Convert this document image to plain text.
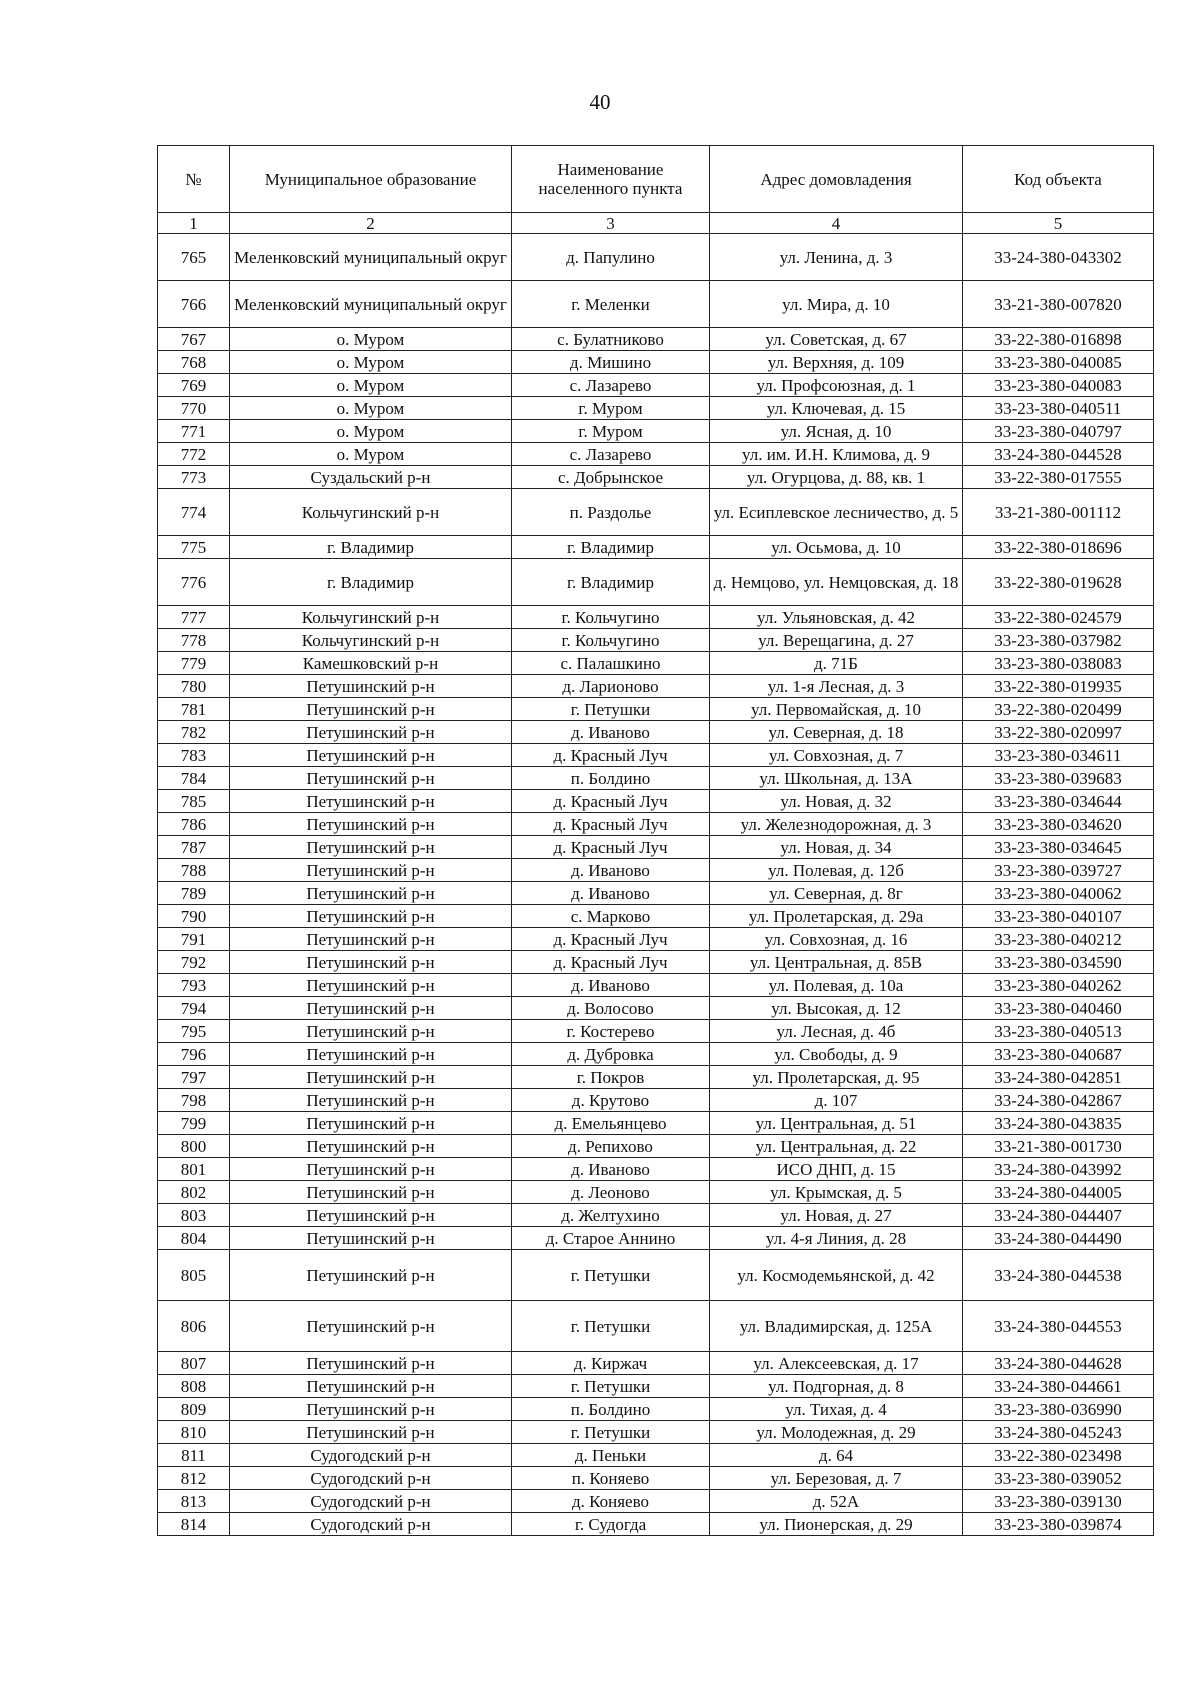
40
№	Муниципальное образование	Наименование населенного пункта	Адрес домовладения	Код объекта
1	2	3	4	5
765	Меленковский муниципальный округ	д. Папулино	ул. Ленина, д. 3	33-24-380-043302
766	Меленковский муниципальный округ	г. Меленки	ул. Мира, д. 10	33-21-380-007820
767	о. Муром	с. Булатниково	ул. Советская, д. 67	33-22-380-016898
768	о. Муром	д. Мишино	ул. Верхняя, д. 109	33-23-380-040085
769	о. Муром	с. Лазарево	ул. Профсоюзная, д. 1	33-23-380-040083
770	о. Муром	г. Муром	ул. Ключевая, д. 15	33-23-380-040511
771	о. Муром	г. Муром	ул. Ясная, д. 10	33-23-380-040797
772	о. Муром	с. Лазарево	ул. им. И.Н. Климова, д. 9	33-24-380-044528
773	Суздальский р-н	с. Добрынское	ул. Огурцова, д. 88, кв. 1	33-22-380-017555
774	Кольчугинский р-н	п. Раздолье	ул. Есиплевское лесничество, д. 5	33-21-380-001112
775	г. Владимир	г. Владимир	ул. Осьмова, д. 10	33-22-380-018696
776	г. Владимир	г. Владимир	д. Немцово, ул. Немцовская, д. 18	33-22-380-019628
777	Кольчугинский р-н	г. Кольчугино	ул. Ульяновская, д. 42	33-22-380-024579
778	Кольчугинский р-н	г. Кольчугино	ул. Верещагина, д. 27	33-23-380-037982
779	Камешковский р-н	с. Палашкино	д. 71Б	33-23-380-038083
780	Петушинский р-н	д. Ларионово	ул. 1-я Лесная, д. 3	33-22-380-019935
781	Петушинский р-н	г. Петушки	ул. Первомайская, д. 10	33-22-380-020499
782	Петушинский р-н	д. Иваново	ул. Северная, д. 18	33-22-380-020997
783	Петушинский р-н	д. Красный Луч	ул. Совхозная, д. 7	33-23-380-034611
784	Петушинский р-н	п. Болдино	ул. Школьная, д. 13А	33-23-380-039683
785	Петушинский р-н	д. Красный Луч	ул. Новая, д. 32	33-23-380-034644
786	Петушинский р-н	д. Красный Луч	ул. Железнодорожная, д. 3	33-23-380-034620
787	Петушинский р-н	д. Красный Луч	ул. Новая, д. 34	33-23-380-034645
788	Петушинский р-н	д. Иваново	ул. Полевая, д. 12б	33-23-380-039727
789	Петушинский р-н	д. Иваново	ул. Северная, д. 8г	33-23-380-040062
790	Петушинский р-н	с. Марково	ул. Пролетарская, д. 29а	33-23-380-040107
791	Петушинский р-н	д. Красный Луч	ул. Совхозная, д. 16	33-23-380-040212
792	Петушинский р-н	д. Красный Луч	ул. Центральная, д. 85В	33-23-380-034590
793	Петушинский р-н	д. Иваново	ул. Полевая, д. 10а	33-23-380-040262
794	Петушинский р-н	д. Волосово	ул. Высокая, д. 12	33-23-380-040460
795	Петушинский р-н	г. Костерево	ул. Лесная, д. 4б	33-23-380-040513
796	Петушинский р-н	д. Дубровка	ул. Свободы, д. 9	33-23-380-040687
797	Петушинский р-н	г. Покров	ул. Пролетарская, д. 95	33-24-380-042851
798	Петушинский р-н	д. Крутово	д. 107	33-24-380-042867
799	Петушинский р-н	д. Емельянцево	ул. Центральная, д. 51	33-24-380-043835
800	Петушинский р-н	д. Репихово	ул. Центральная, д. 22	33-21-380-001730
801	Петушинский р-н	д. Иваново	ИСО ДНП, д. 15	33-24-380-043992
802	Петушинский р-н	д. Леоново	ул. Крымская, д. 5	33-24-380-044005
803	Петушинский р-н	д. Желтухино	ул. Новая, д. 27	33-24-380-044407
804	Петушинский р-н	д. Старое Аннино	ул. 4-я Линия, д. 28	33-24-380-044490
805	Петушинский р-н	г. Петушки	ул. Космодемьянской, д. 42	33-24-380-044538
806	Петушинский р-н	г. Петушки	ул. Владимирская, д. 125А	33-24-380-044553
807	Петушинский р-н	д. Киржач	ул. Алексеевская, д. 17	33-24-380-044628
808	Петушинский р-н	г. Петушки	ул. Подгорная, д. 8	33-24-380-044661
809	Петушинский р-н	п. Болдино	ул. Тихая, д. 4	33-23-380-036990
810	Петушинский р-н	г. Петушки	ул. Молодежная, д. 29	33-24-380-045243
811	Судогодский р-н	д. Пеньки	д. 64	33-22-380-023498
812	Судогодский р-н	п. Коняево	ул. Березовая, д. 7	33-23-380-039052
813	Судогодский р-н	д. Коняево	д. 52А	33-23-380-039130
814	Судогодский р-н	г. Судогда	ул. Пионерская, д. 29	33-23-380-039874
